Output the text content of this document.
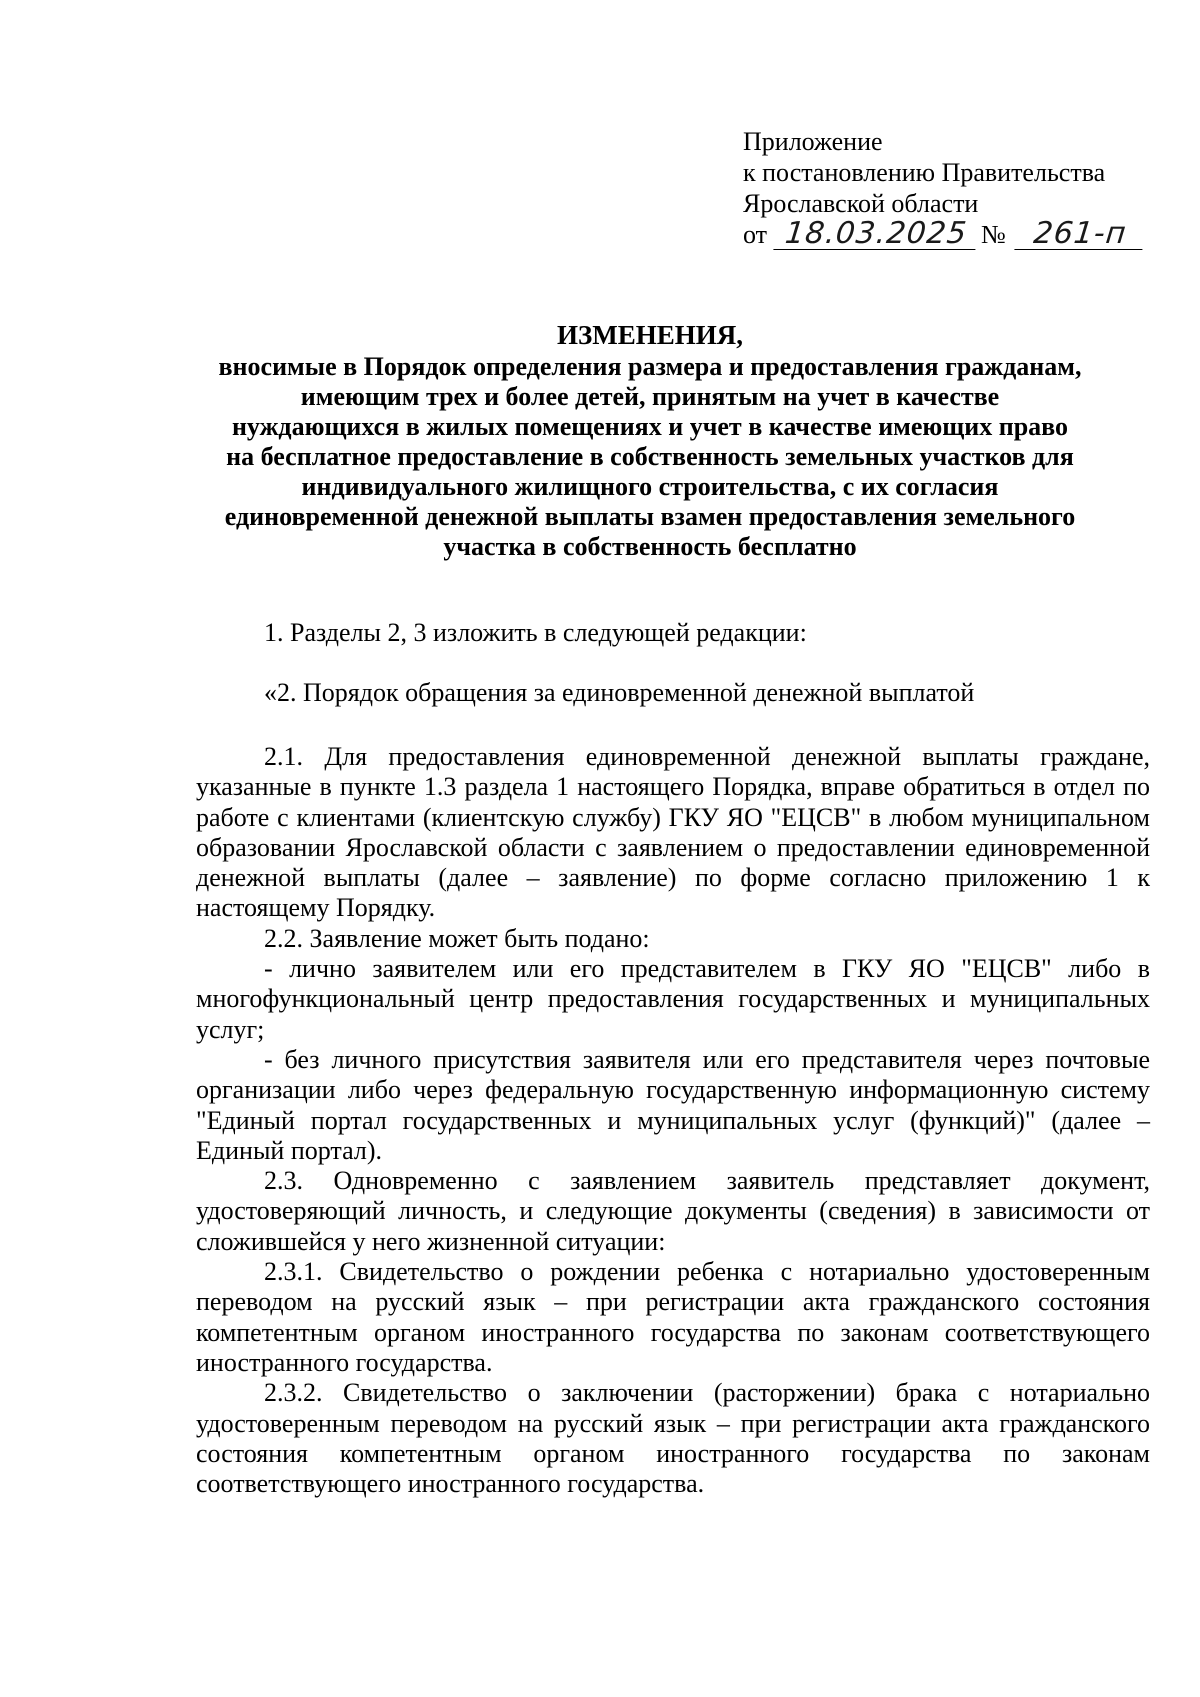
Приложение
к постановлению Правительства
Ярославской области
от 18.03.2025 № 261-п
ИЗМЕНЕНИЯ,
вносимые в Порядок определения размера и предоставления гражданам,
имеющим трех и более детей, принятым на учет в качестве
нуждающихся в жилых помещениях и учет в качестве имеющих право
на бесплатное предоставление в собственность земельных участков для
индивидуального жилищного строительства, с их согласия
единовременной денежной выплаты взамен предоставления земельного
участка в собственность бесплатно

1. Разделы 2, 3 изложить в следующей редакции:

«2. Порядок обращения за единовременной денежной выплатой

2.1. Для предоставления единовременной денежной выплаты граждане, указанные в пункте 1.3 раздела 1 настоящего Порядка, вправе обратиться в отдел по работе с клиентами (клиентскую службу) ГКУ ЯО "ЕЦСВ" в любом муниципальном образовании Ярославской области с заявлением о предоставлении единовременной денежной выплаты (далее – заявление) по форме согласно приложению 1 к настоящему Порядку.

2.2. Заявление может быть подано:

- лично заявителем или его представителем в ГКУ ЯО "ЕЦСВ" либо в многофункциональный центр предоставления государственных и муниципальных услуг;

- без личного присутствия заявителя или его представителя через почтовые организации либо через федеральную государственную информационную систему "Единый портал государственных и муниципальных услуг (функций)" (далее – Единый портал).

2.3. Одновременно с заявлением заявитель представляет документ, удостоверяющий личность, и следующие документы (сведения) в зависимости от сложившейся у него жизненной ситуации:

2.3.1. Свидетельство о рождении ребенка с нотариально удостоверенным переводом на русский язык – при регистрации акта гражданского состояния компетентным органом иностранного государства по законам соответствующего иностранного государства.

2.3.2. Свидетельство о заключении (расторжении) брака с нотариально удостоверенным переводом на русский язык – при регистрации акта гражданского состояния компетентным органом иностранного государства по законам соответствующего иностранного государства.
